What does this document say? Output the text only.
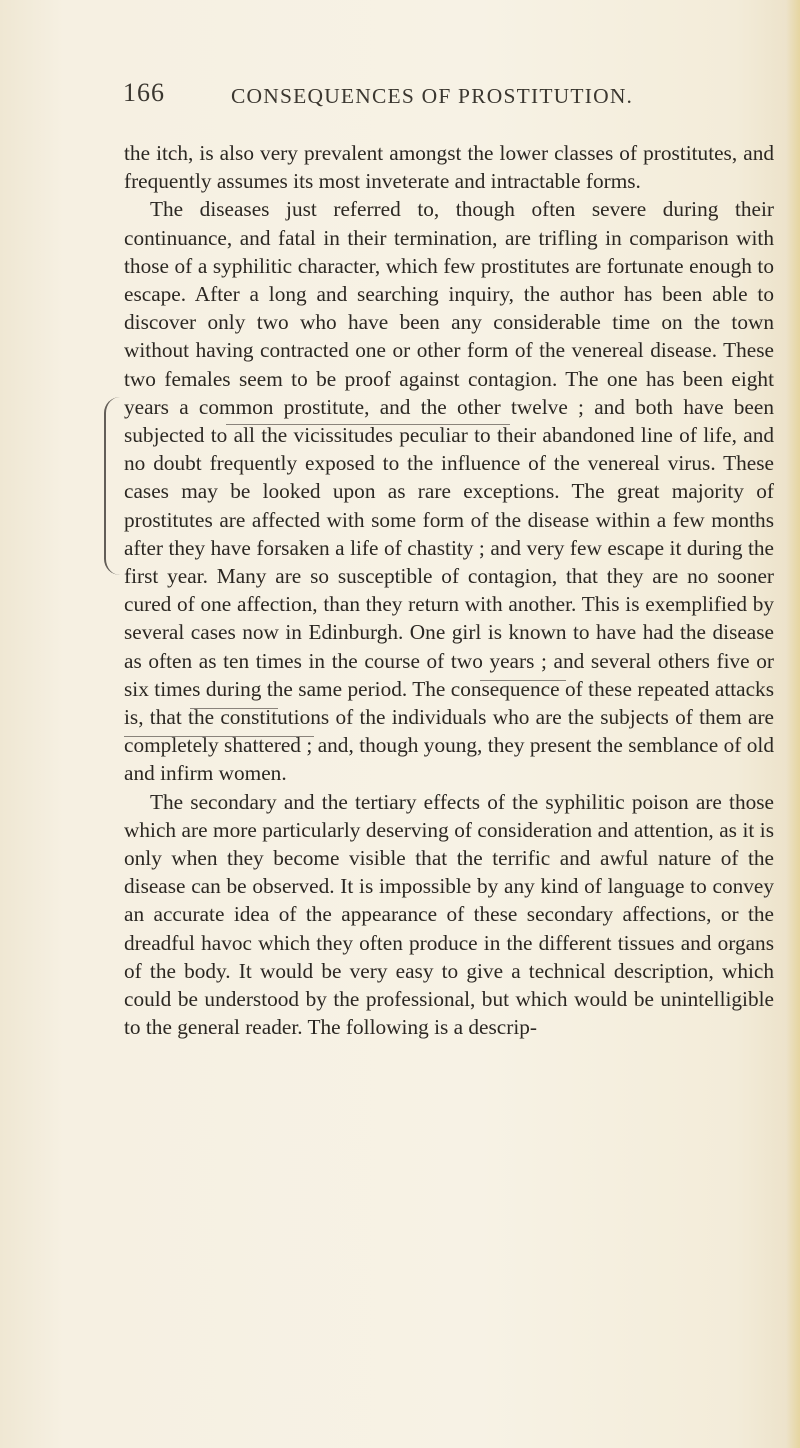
166	CONSEQUENCES OF PROSTITUTION.

the itch, is also very prevalent amongst the lower classes of prostitutes, and frequently assumes its most inveterate and intractable forms.

The diseases just referred to, though often severe during their continuance, and fatal in their termination, are trifling in comparison with those of a syphilitic character, which few prostitutes are fortunate enough to escape. After a long and searching inquiry, the author has been able to discover only two who have been any considerable time on the town without having contracted one or other form of the venereal disease. These two females seem to be proof against contagion. The one has been eight years a common prostitute, and the other twelve ; and both have been subjected to all the vicissitudes peculiar to their abandoned line of life, and no doubt frequently exposed to the influence of the venereal virus. These cases may be looked upon as rare exceptions. The great majority of prostitutes are affected with some form of the disease within a few months after they have forsaken a life of chastity ; and very few escape it during the first year. Many are so susceptible of contagion, that they are no sooner cured of one affection, than they return with another. This is exemplified by several cases now in Edinburgh. One girl is known to have had the disease as often as ten times in the course of two years ; and several others five or six times during the same period. The consequence of these repeated attacks is, that the constitutions of the individuals who are the subjects of them are completely shattered ; and, though young, they present the semblance of old and infirm women.

The secondary and the tertiary effects of the syphilitic poison are those which are more particularly deserving of consideration and attention, as it is only when they become visible that the terrific and awful nature of the disease can be observed. It is impossible by any kind of language to convey an accurate idea of the appearance of these secondary affections, or the dreadful havoc which they often produce in the different tissues and organs of the body. It would be very easy to give a technical description, which could be understood by the professional, but which would be unintelligible to the general reader. The following is a descrip-
